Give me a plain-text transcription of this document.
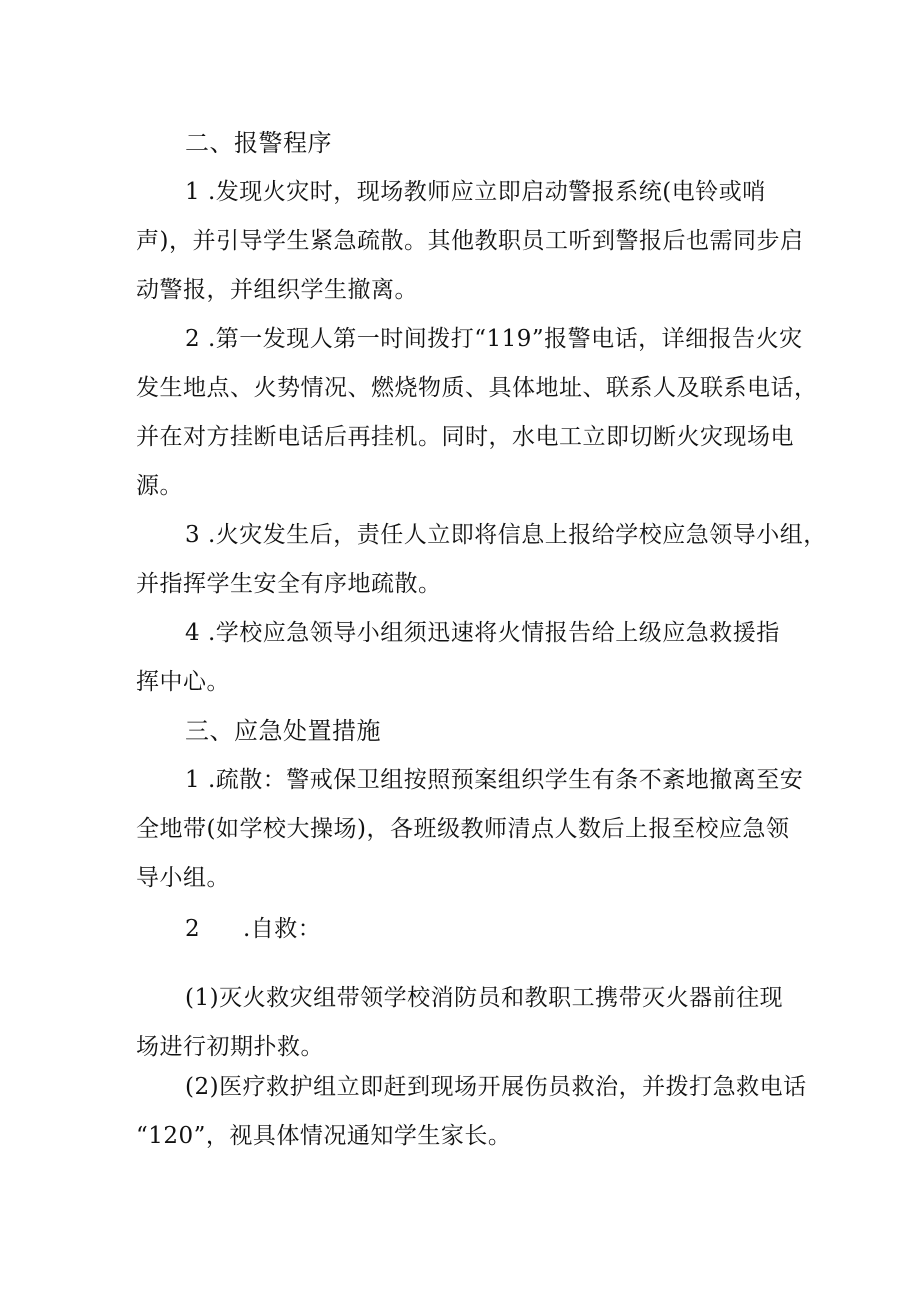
二、报警程序
1 .发现火灾时，现场教师应立即启动警报系统(电铃或哨
声)，并引导学生紧急疏散。其他教职员工听到警报后也需同步启
动警报，并组织学生撤离。
2 .第一发现人第一时间拨打“119”报警电话，详细报告火灾
发生地点、火势情况、燃烧物质、具体地址、联系人及联系电话，
并在对方挂断电话后再挂机。同时，水电工立即切断火灾现场电
源。
3 .火灾发生后，责任人立即将信息上报给学校应急领导小组，
并指挥学生安全有序地疏散。
4 .学校应急领导小组须迅速将火情报告给上级应急救援指
挥中心。
三、应急处置措施
1 .疏散：警戒保卫组按照预案组织学生有条不紊地撤离至安
全地带(如学校大操场)，各班级教师清点人数后上报至校应急领
导小组。
2 .自救：
(1)灭火救灾组带领学校消防员和教职工携带灭火器前往现
场进行初期扑救。
(2)医疗救护组立即赶到现场开展伤员救治，并拨打急救电话
“120”，视具体情况通知学生家长。
